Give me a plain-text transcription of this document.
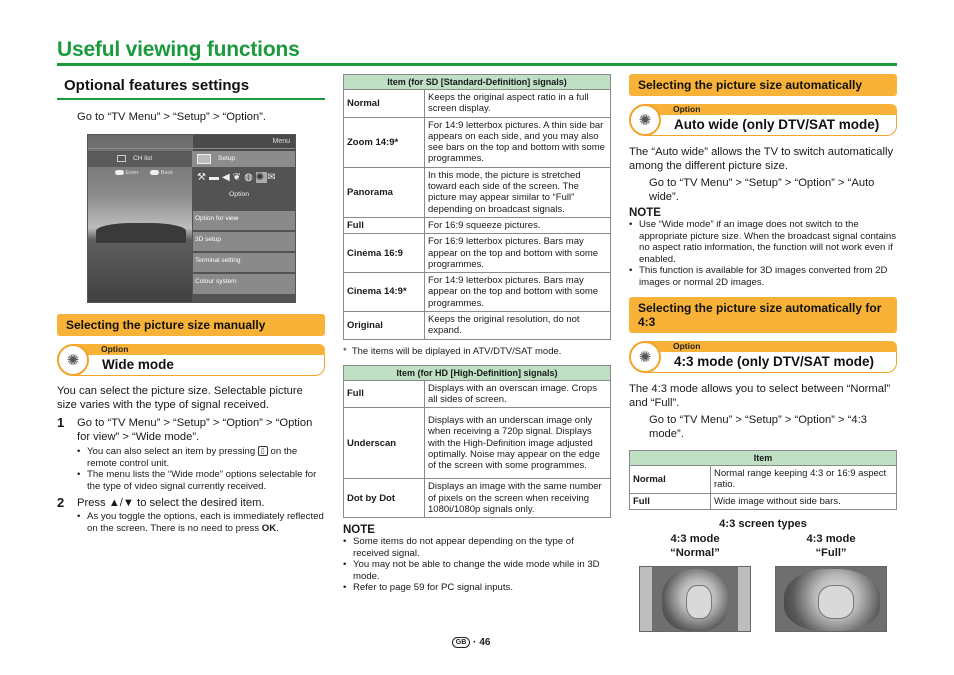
Useful viewing functions
Optional features settings
Go to “TV Menu” > “Setup” > “Option”.
Menu
CH list	Setup
Enter	Back ⚒▬◀❦◍✺✉
Option
Option for view
3D setup
Terminal setting
Colour system
Selecting the picture size manually
✺
Option
Wide mode
You can select the picture size. Selectable picture size varies with the type of signal received.
1 Go to “TV Menu” > “Setup” > “Option” > “Option for view” > “Wide mode”.
• You can also select an item by pressing ▯ on the remote control unit.
• The menu lists the “Wide mode” options selectable for the type of video signal currently received.
2 Press ▲/▼ to select the desired item.
• As you toggle the options, each is immediately reflected on the screen. There is no need to press OK.
Item (for SD [Standard-Definition] signals)	
Normal	Keeps the original aspect ratio in a full screen display.
Zoom 14:9*	For 14:9 letterbox pictures. A thin side bar appears on each side, and you may also see bars on the top and bottom with some programmes.
Panorama	In this mode, the picture is stretched toward each side of the screen. The picture may appear similar to “Full” depending on broadcast signals.
Full	For 16:9 squeeze pictures.
Cinema 16:9	For 16:9 letterbox pictures. Bars may appear on the top and bottom with some programmes.
Cinema 14:9*	For 14:9 letterbox pictures. Bars may appear on the top and bottom with some programmes.
Original	Keeps the original resolution, do not expand.
* The items will be diplayed in ATV/DTV/SAT mode.
Item (for HD [High-Definition] signals)	
Full	Displays with an overscan image. Crops all sides of screen.
Underscan	Displays with an underscan image only when receiving a 720p signal. Displays with the High-Definition image adjusted optimally. Noise may appear on the edge of the screen with some programmes.
Dot by Dot	Displays an image with the same number of pixels on the screen when receiving 1080i/1080p signals only.
NOTE
• Some items do not appear depending on the type of received signal.
• You may not be able to change the wide mode while in 3D mode.
• Refer to page 59 for PC signal inputs.
Selecting the picture size automatically
✺
Option
Auto wide (only DTV/SAT mode)
The “Auto wide” allows the TV to switch automatically among the different picture size.
Go to “TV Menu” > “Setup” > “Option” > “Auto wide”.
NOTE
• Use “Wide mode” if an image does not switch to the appropriate picture size. When the broadcast signal contains no aspect ratio information, the function will not work even if enabled.
• This function is available for 3D images converted from 2D images or normal 2D images.
Selecting the picture size automatically for 4:3
✺
Option
4:3 mode (only DTV/SAT mode)
The 4:3 mode allows you to select between “Normal” and “Full”.
Go to “TV Menu” > “Setup” > “Option” > “4:3 mode”.
Item	
Normal	Normal range keeping 4:3 or 16:9 aspect ratio.
Full	Wide image without side bars.
4:3 screen types
4:3 mode
“Normal”
4:3 mode
“Full”
GB · 46
